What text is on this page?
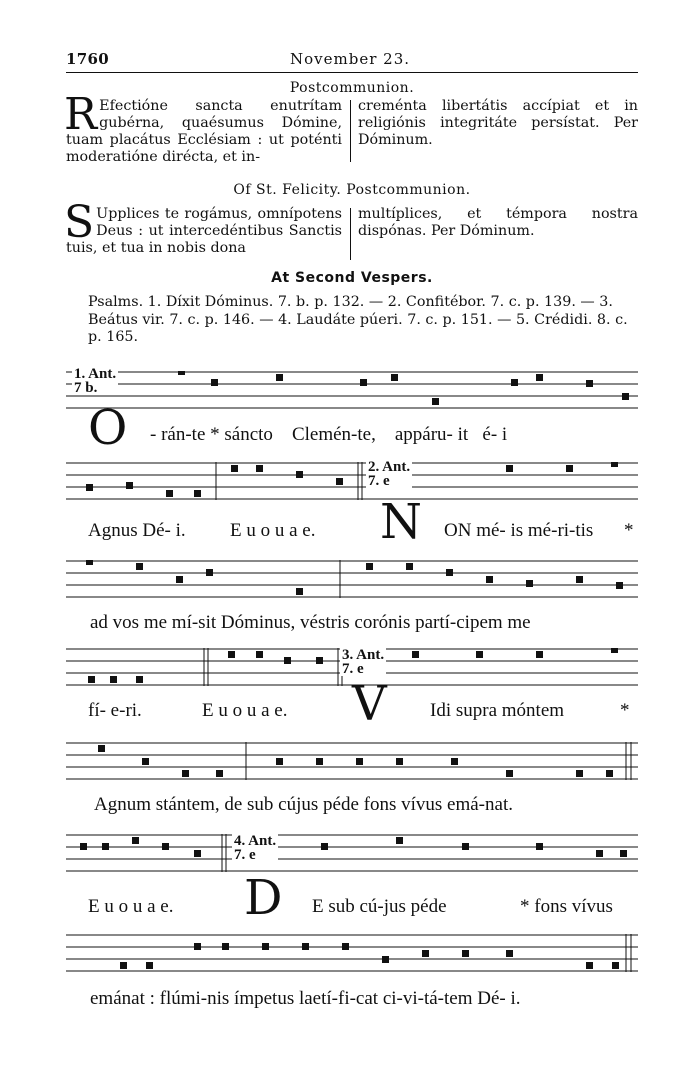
1760	November 23.
Postcommunion.
R Efectióne sancta enutrítam gubérna, quaésumus Dómine, tuam placátus Ecclésiam : ut poténti moderatióne dirécta, et in-
creménta libertátis accípiat et in religiónis integritáte persístat. Per Dóminum.
Of St. Felicity. Postcommunion.
S Upplices te rogámus, omnípotens Deus : ut intercedéntibus Sanctis tuis, et tua in nobis dona
multíplices, et témpora nostra dispónas. Per Dóminum.
At Second Vespers.
Psalms. 1. Díxit Dóminus. 7. b. p. 132. — 2. Confitébor. 7. c. p. 139. — 3. Beátus vir. 7. c. p. 146. — 4. Laudáte púeri. 7. c. p. 151. — 5. Crédidi. 8. c. p. 165.
1. Ant.
7 b.
O - rán-te * sáncto Clemén-te, appáru- it é- i
2. Ant.
7. e
Agnus Dé- i. E u o u a e. N ON mé- is mé-ri-tis *
ad vos me mí-sit Dóminus, véstris corónis partí-cipem me
3. Ant.
7. e
fí- e-ri.	E u o u a e. V Idi supra móntem	*
Agnum stántem, de sub cújus péde fons vívus emá-nat.
4. Ant.
7. e
E u o u a e. D E sub cú-jus péde	* fons vívus
emánat : flúmi-nis ímpetus laetí-fi-cat ci-vi-tá-tem Dé- i.
